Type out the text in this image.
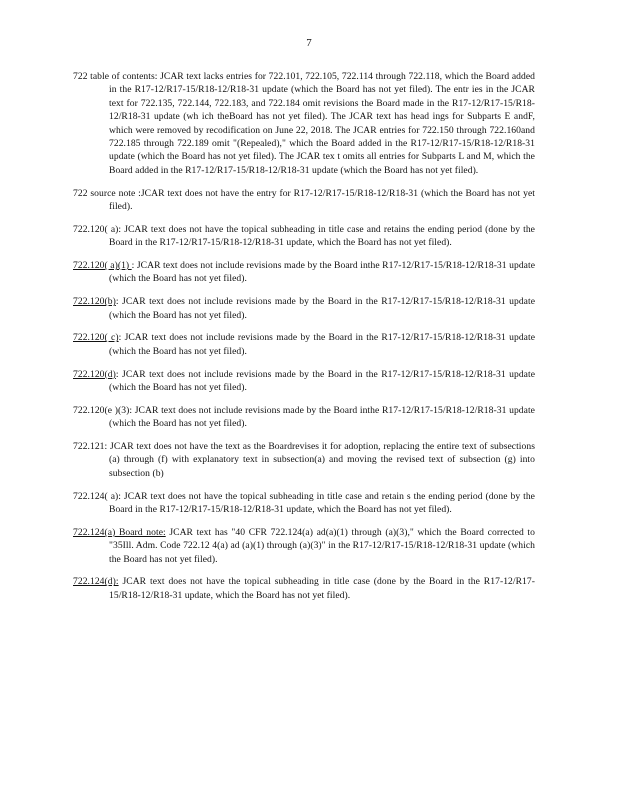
7

722 table of contents: JCAR text lacks entries for 722.101, 722.105, 722.114 through 722.118, which the Board added in the R17-12/R17-15/R18-12/R18-31 update (which the Board has not yet filed). The entr ies in the JCAR text for 722.135, 722.144, 722.183, and 722.184 omit revisions the Board made in the R17-12/R17-15/R18-12/R18-31 update (wh ich theBoard has not yet filed). The JCAR text has head ings for Subparts E andF, which were removed by recodification on June 22, 2018. The JCAR entries for 722.150 through 722.160and 722.185 through 722.189 omit "(Repealed)," which the Board added in the R17-12/R17-15/R18-12/R18-31 update (which the Board has not yet filed). The JCAR tex t omits all entries for Subparts L and M, which the Board added in the R17-12/R17-15/R18-12/R18-31 update (which the Board has not yet filed).

722 source note :JCAR text does not have the entry for R17-12/R17-15/R18-12/R18-31 (which the Board has not yet filed).

722.120( a): JCAR text does not have the topical subheading in title case and retains the ending period (done by the Board in the R17-12/R17-15/R18-12/R18-31 update, which the Board has not yet filed).

722.120( a)(1) : JCAR text does not include revisions made by the Board inthe R17-12/R17-15/R18-12/R18-31 update (which the Board has not yet filed).

722.120(b): JCAR text does not include revisions made by the Board in the R17-12/R17-15/R18-12/R18-31 update (which the Board has not yet filed).

722.120( c): JCAR text does not include revisions made by the Board in the R17-12/R17-15/R18-12/R18-31 update (which the Board has not yet filed).

722.120(d): JCAR text does not include revisions made by the Board in the R17-12/R17-15/R18-12/R18-31 update (which the Board has not yet filed).

722.120(e )(3): JCAR text does not include revisions made by the Board inthe R17-12/R17-15/R18-12/R18-31 update (which the Board has not yet filed).

722.121: JCAR text does not have the text as the Boardrevises it for adoption, replacing the entire text of subsections (a) through (f) with explanatory text in subsection(a) and moving the revised text of subsection (g) into subsection (b)

722.124( a): JCAR text does not have the topical subheading in title case and retain s the ending period (done by the Board in the R17-12/R17-15/R18-12/R18-31 update, which the Board has not yet filed).

722.124(a) Board note: JCAR text has "40 CFR 722.124(a) ad(a)(1) through (a)(3)," which the Board corrected to "35Ill. Adm. Code 722.12 4(a) ad (a)(1) through (a)(3)" in the R17-12/R17-15/R18-12/R18-31 update (which the Board has not yet filed).

722.124(d): JCAR text does not have the topical subheading in title case (done by the Board in the R17-12/R17-15/R18-12/R18-31 update, which the Board has not yet filed).
